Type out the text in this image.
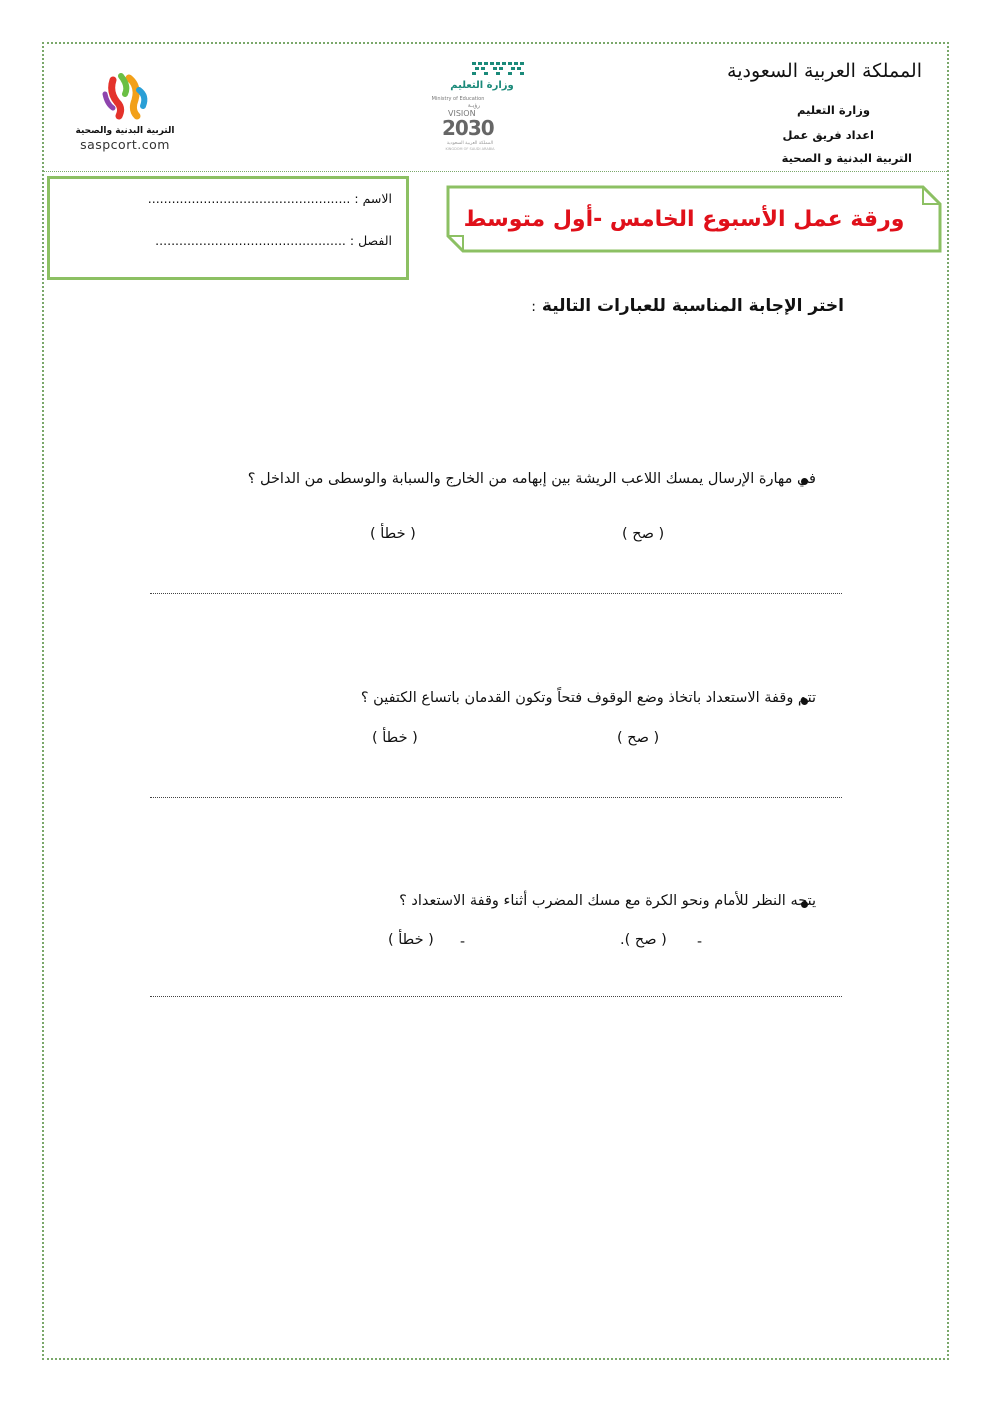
المملكة العربية السعودية
وزارة التعليم
اعداد فريق عمل
التربية البدنية و الصحية
وزارة التعليم
Ministry of Education
رؤيـة
VISION
2030
المملكة العربية السعودية
KINGDOM OF SAUDI ARABIA
التربية البدنية والصحية
saspcort.com
ورقة عمل الأسبوع الخامس -أول متوسط
الاسم : ...................................................
الفصل : ................................................
اختر الإجابة المناسبة للعبارات التالية:
في مهارة الإرسال يمسك اللاعب الريشة بين إبهامه من الخارج والسبابة والوسطى من الداخل ؟
( صح )
( خطأ )
تتم وقفة الاستعداد باتخاذ وضع الوقوف فتحاً وتكون القدمان باتساع الكتفين ؟
( صح )
( خطأ )
يتجه النظر للأمام ونحو الكرة مع مسك المضرب أثناء وقفة الاستعداد ؟
-
( صح ).
-
( خطأ )
